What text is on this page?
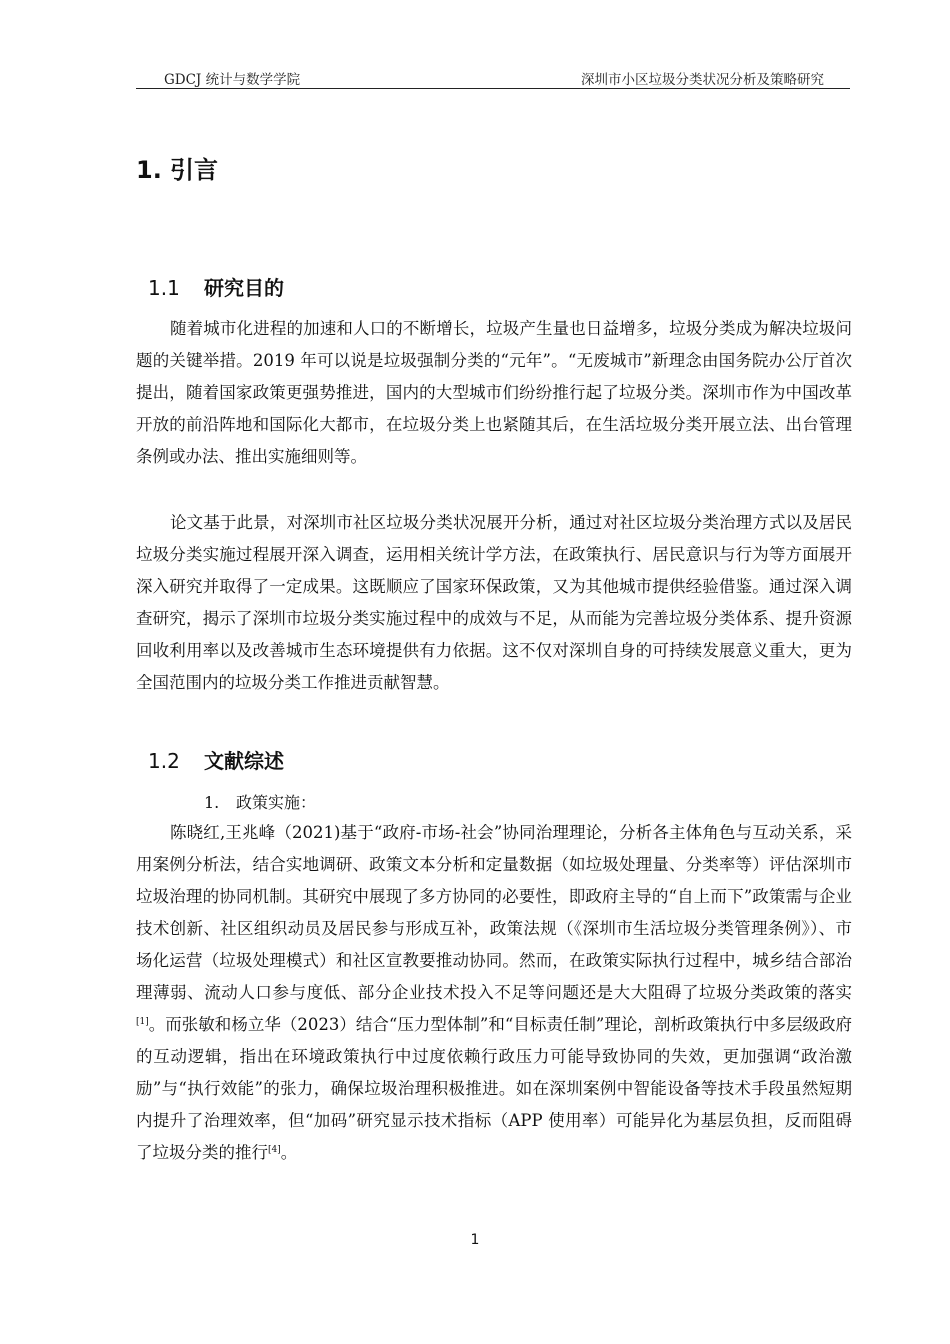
GDCJ 统计与数学学院	深圳市小区垃圾分类状况分析及策略研究
1. 引言
1.1 研究目的

随着城市化进程的加速和人口的不断增长，垃圾产生量也日益增多，垃圾分类成为解决垃圾问题的关键举措。2019 年可以说是垃圾强制分类的“元年”。“无废城市”新理念由国务院办公厅首次提出，随着国家政策更强势推进，国内的大型城市们纷纷推行起了垃圾分类。深圳市作为中国改革开放的前沿阵地和国际化大都市，在垃圾分类上也紧随其后，在生活垃圾分类开展立法、出台管理条例或办法、推出实施细则等。

论文基于此景，对深圳市社区垃圾分类状况展开分析，通过对社区垃圾分类治理方式以及居民垃圾分类实施过程展开深入调查，运用相关统计学方法，在政策执行、居民意识与行为等方面展开深入研究并取得了一定成果。这既顺应了国家环保政策，又为其他城市提供经验借鉴。通过深入调查研究，揭示了深圳市垃圾分类实施过程中的成效与不足，从而能为完善垃圾分类体系、提升资源回收利用率以及改善城市生态环境提供有力依据。这不仅对深圳自身的可持续发展意义重大，更为全国范围内的垃圾分类工作推进贡献智慧。

1.2 文献综述
1. 政策实施：

陈晓红,王兆峰（2021)基于“政府-市场-社会”协同治理理论，分析各主体角色与互动关系，采用案例分析法，结合实地调研、政策文本分析和定量数据（如垃圾处理量、分类率等）评估深圳市垃圾治理的协同机制。其研究中展现了多方协同的必要性，即政府主导的“自上而下”政策需与企业技术创新、社区组织动员及居民参与形成互补，政策法规（《深圳市生活垃圾分类管理条例》）、市场化运营（垃圾处理模式）和社区宣教要推动协同。然而，在政策实际执行过程中，城乡结合部治理薄弱、流动人口参与度低、部分企业技术投入不足等问题还是大大阻碍了垃圾分类政策的落实[1]。而张敏和杨立华（2023）结合“压力型体制”和“目标责任制”理论，剖析政策执行中多层级政府的互动逻辑，指出在环境政策执行中过度依赖行政压力可能导致协同的失效，更加强调“政治激励”与“执行效能”的张力，确保垃圾治理积极推进。如在深圳案例中智能设备等技术手段虽然短期内提升了治理效率，但“加码”研究显示技术指标（APP 使用率）可能异化为基层负担，反而阻碍了垃圾分类的推行[4]。

1
